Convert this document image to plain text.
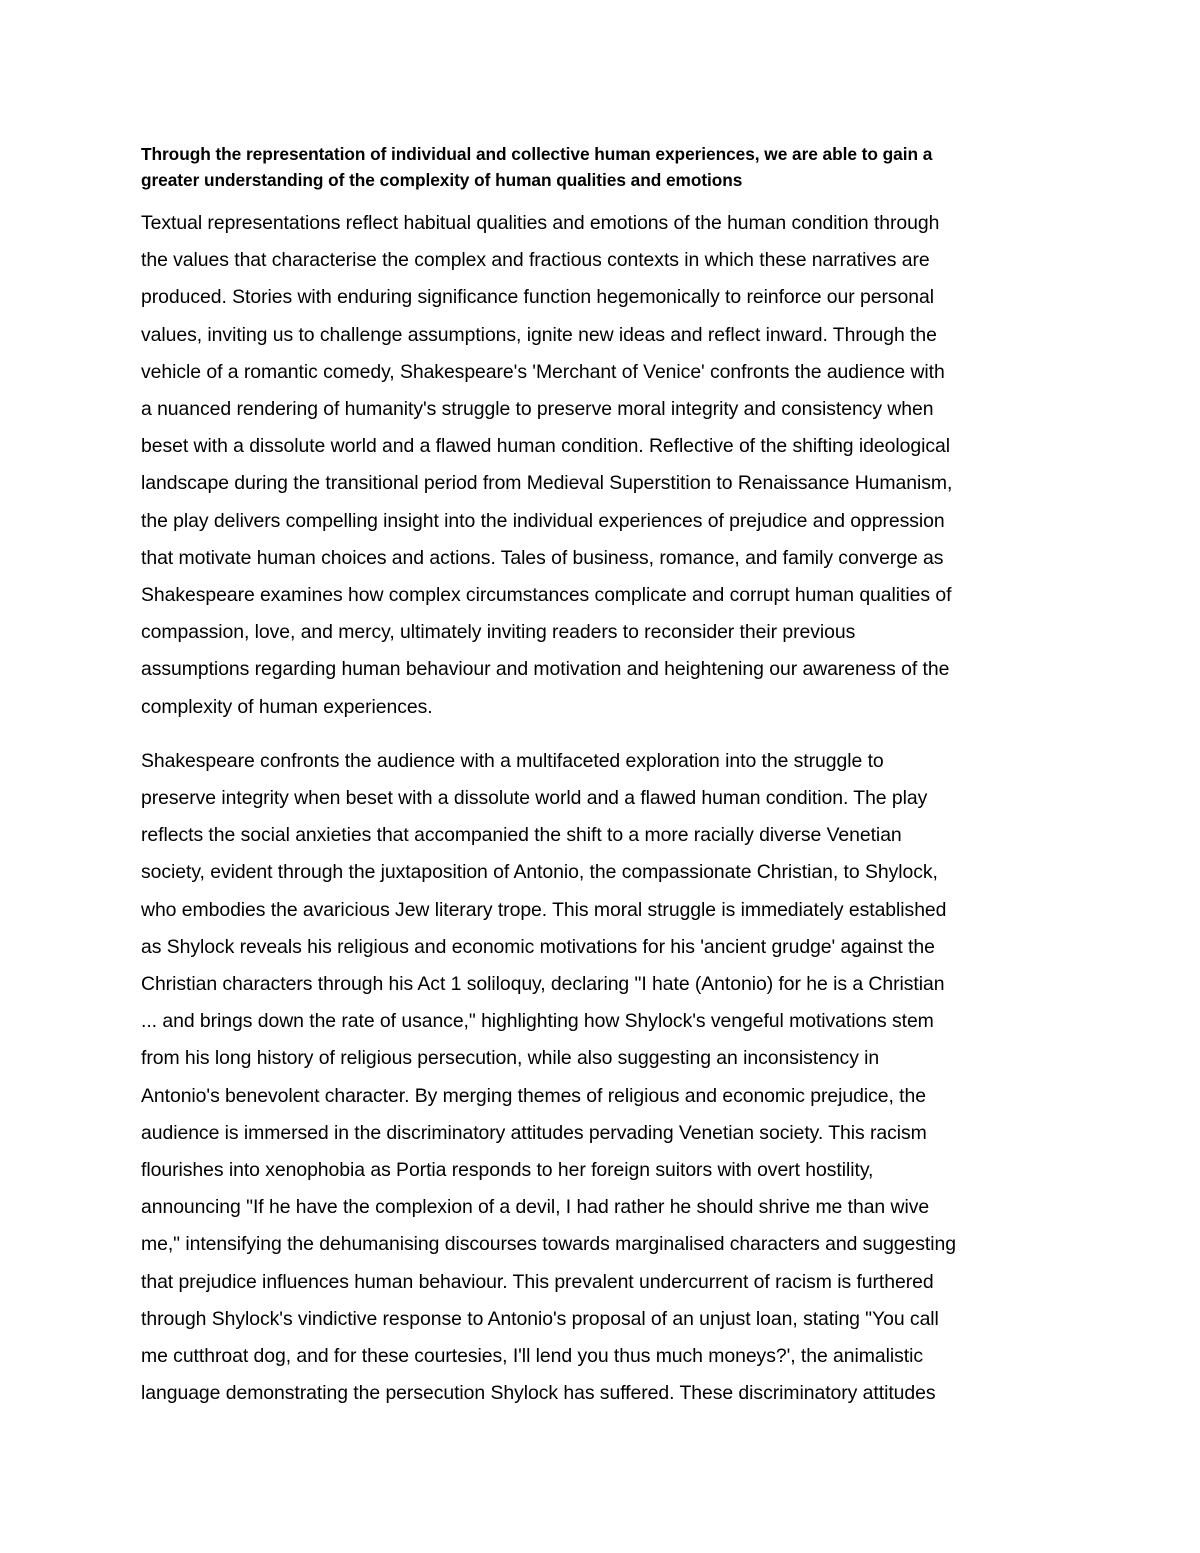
Through the representation of individual and collective human experiences, we are able to gain a
greater understanding of the complexity of human qualities and emotions
Textual representations reflect habitual qualities and emotions of the human condition through
the values that characterise the complex and fractious contexts in which these narratives are
produced. Stories with enduring significance function hegemonically to reinforce our personal
values, inviting us to challenge assumptions, ignite new ideas and reflect inward. Through the
vehicle of a romantic comedy, Shakespeare's 'Merchant of Venice' confronts the audience with
a nuanced rendering of humanity's struggle to preserve moral integrity and consistency when
beset with a dissolute world and a flawed human condition. Reflective of the shifting ideological
landscape during the transitional period from Medieval Superstition to Renaissance Humanism,
the play delivers compelling insight into the individual experiences of prejudice and oppression
that motivate human choices and actions. Tales of business, romance, and family converge as
Shakespeare examines how complex circumstances complicate and corrupt human qualities of
compassion, love, and mercy, ultimately inviting readers to reconsider their previous
assumptions regarding human behaviour and motivation and heightening our awareness of the
complexity of human experiences.
Shakespeare confronts the audience with a multifaceted exploration into the struggle to
preserve integrity when beset with a dissolute world and a flawed human condition. The play
reflects the social anxieties that accompanied the shift to a more racially diverse Venetian
society, evident through the juxtaposition of Antonio, the compassionate Christian, to Shylock,
who embodies the avaricious Jew literary trope. This moral struggle is immediately established
as Shylock reveals his religious and economic motivations for his 'ancient grudge' against the
Christian characters through his Act 1 soliloquy, declaring "I hate (Antonio) for he is a Christian
... and brings down the rate of usance," highlighting how Shylock's vengeful motivations stem
from his long history of religious persecution, while also suggesting an inconsistency in
Antonio's benevolent character. By merging themes of religious and economic prejudice, the
audience is immersed in the discriminatory attitudes pervading Venetian society. This racism
flourishes into xenophobia as Portia responds to her foreign suitors with overt hostility,
announcing "If he have the complexion of a devil, I had rather he should shrive me than wive
me," intensifying the dehumanising discourses towards marginalised characters and suggesting
that prejudice influences human behaviour. This prevalent undercurrent of racism is furthered
through Shylock's vindictive response to Antonio's proposal of an unjust loan, stating "You call
me cutthroat dog, and for these courtesies, I'll lend you thus much moneys?', the animalistic
language demonstrating the persecution Shylock has suffered. These discriminatory attitudes
